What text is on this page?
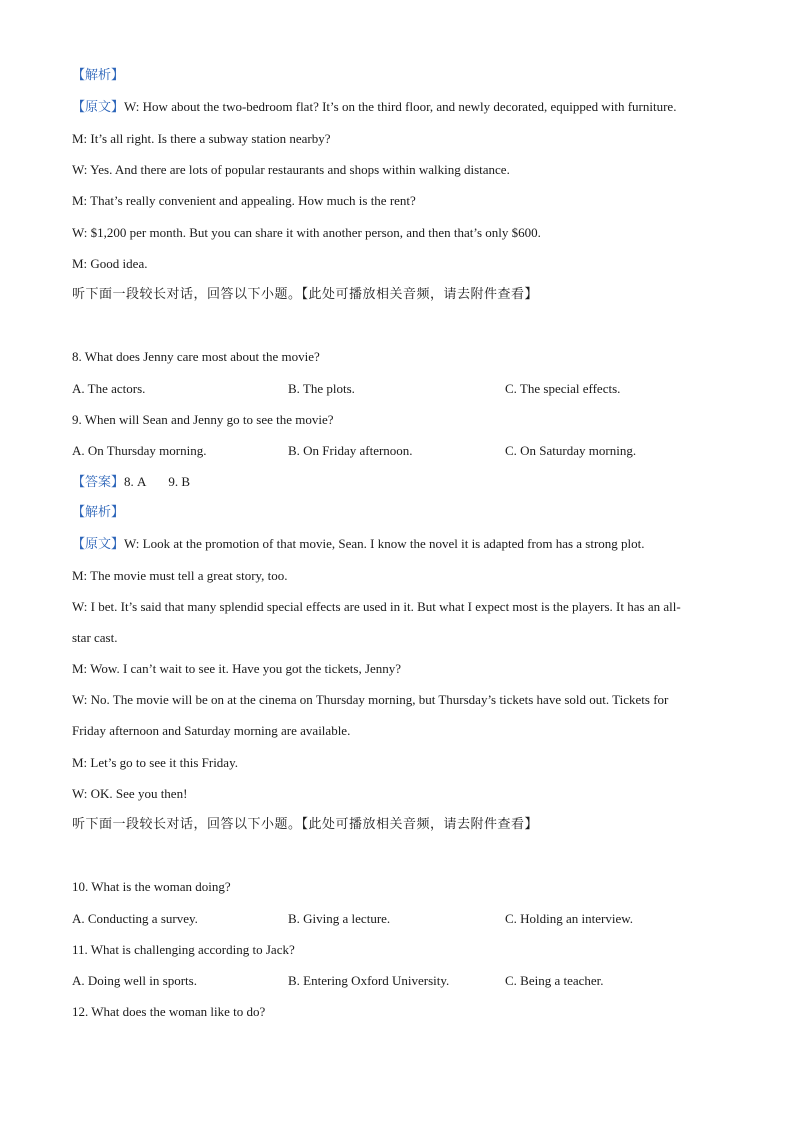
【解析】
【原文】W: How about the two-bedroom flat? It’s on the third floor, and newly decorated, equipped with furniture.
M: It’s all right. Is there a subway station nearby?
W: Yes. And there are lots of popular restaurants and shops within walking distance.
M: That’s really convenient and appealing. How much is the rent?
W: $1,200 per month. But you can share it with another person, and then that’s only $600.
M: Good idea.
听下面一段较长对话，回答以下小题。【此处可播放相关音频，请去附件查看】
8. What does Jenny care most about the movie?
A. The actors.	B. The plots.	C. The special effects.
9. When will Sean and Jenny go to see the movie?
A. On Thursday morning.	B. On Friday afternoon.	C. On Saturday morning.
【答案】8. A 9. B
【解析】
【原文】W: Look at the promotion of that movie, Sean. I know the novel it is adapted from has a strong plot.
M: The movie must tell a great story, too.
W: I bet. It’s said that many splendid special effects are used in it. But what I expect most is the players. It has an all-
star cast.
M: Wow. I can’t wait to see it. Have you got the tickets, Jenny?
W: No. The movie will be on at the cinema on Thursday morning, but Thursday’s tickets have sold out. Tickets for
Friday afternoon and Saturday morning are available.
M: Let’s go to see it this Friday.
W: OK. See you then!
听下面一段较长对话，回答以下小题。【此处可播放相关音频，请去附件查看】
10. What is the woman doing?
A. Conducting a survey.	B. Giving a lecture.	C. Holding an interview.
11. What is challenging according to Jack?
A. Doing well in sports.	B. Entering Oxford University.	C. Being a teacher.
12. What does the woman like to do?
